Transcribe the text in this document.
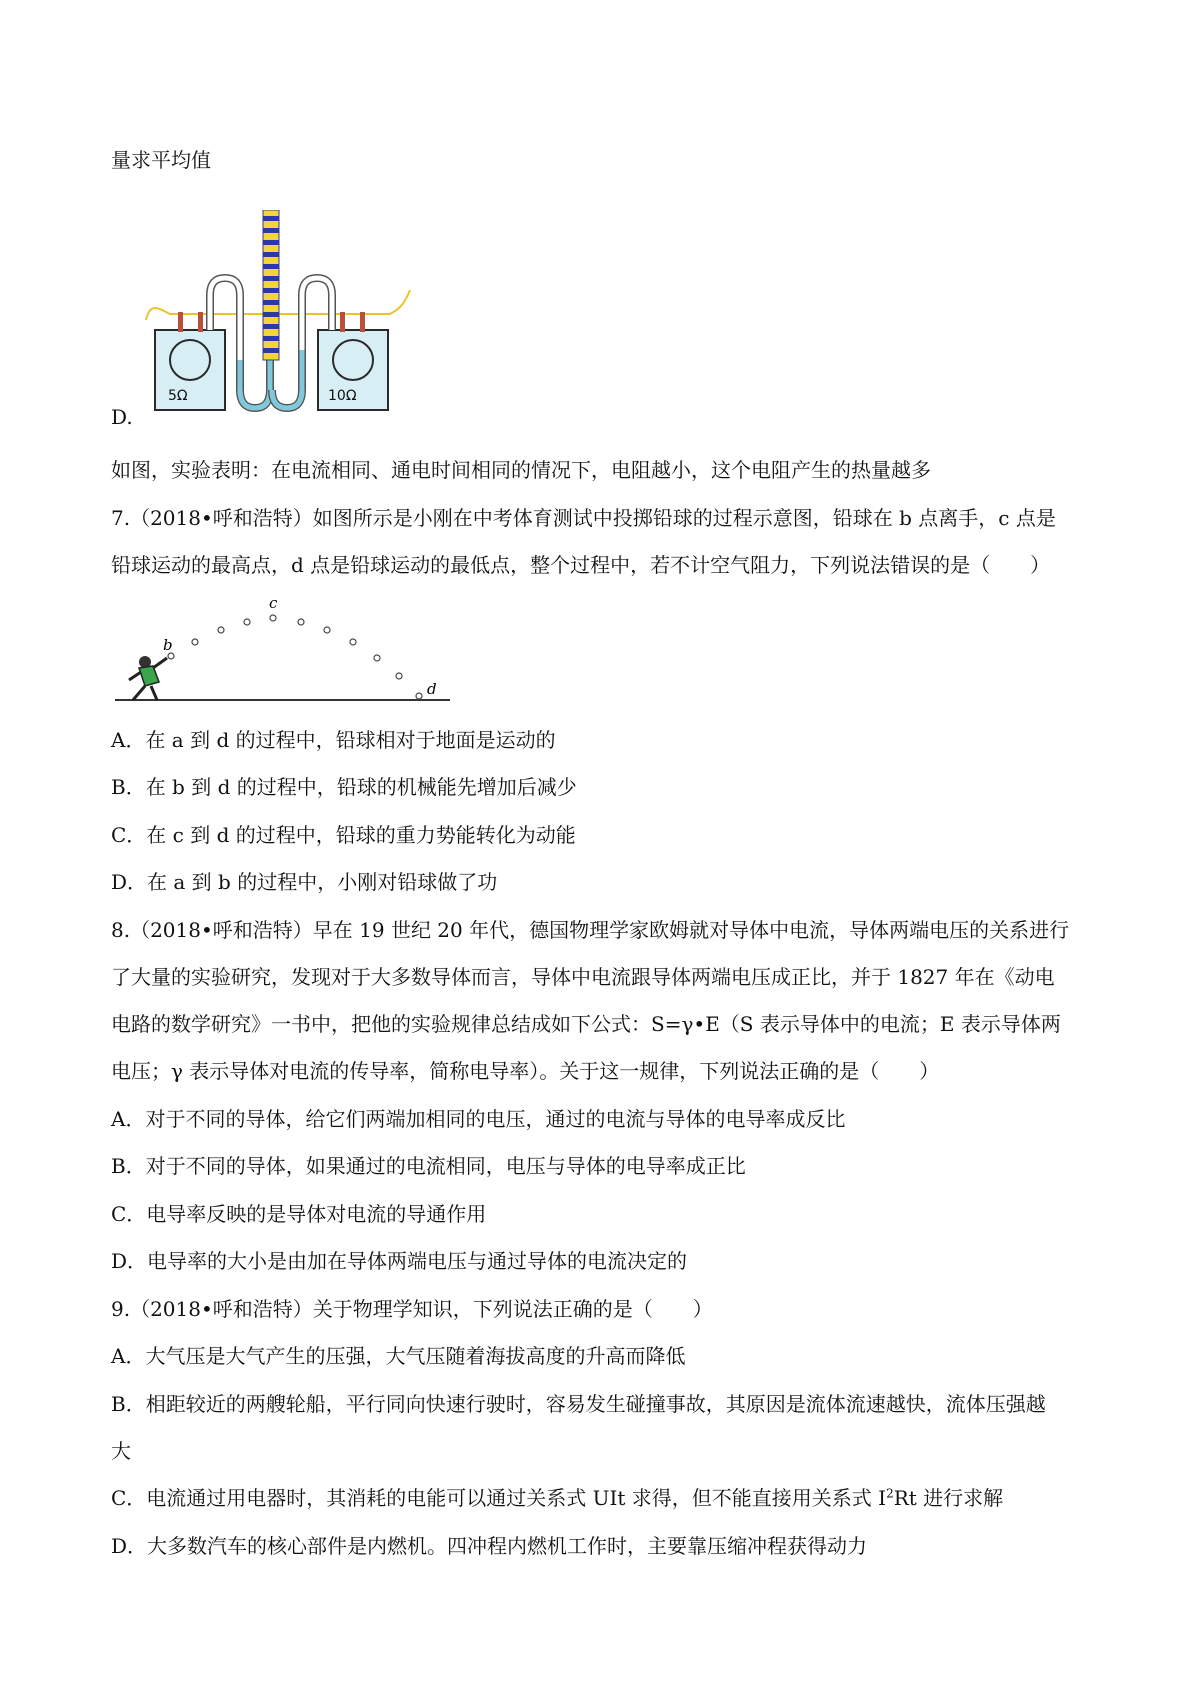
量求平均值
5Ω	10Ω
D.
如图，实验表明：在电流相同、通电时间相同的情况下，电阻越小，这个电阻产生的热量越多
7.（2018•呼和浩特）如图所示是小刚在中考体育测试中投掷铅球的过程示意图，铅球在 b 点离手，c 点是
铅球运动的最高点，d 点是铅球运动的最低点，整个过程中，若不计空气阻力，下列说法错误的是（　　）
b
c
d
A．在 a 到 d 的过程中，铅球相对于地面是运动的
B．在 b 到 d 的过程中，铅球的机械能先增加后减少
C．在 c 到 d 的过程中，铅球的重力势能转化为动能
D．在 a 到 b 的过程中，小刚对铅球做了功
8.（2018•呼和浩特）早在 19 世纪 20 年代，德国物理学家欧姆就对导体中电流，导体两端电压的关系进行
了大量的实验研究，发现对于大多数导体而言，导体中电流跟导体两端电压成正比，并于 1827 年在《动电
电路的数学研究》一书中，把他的实验规律总结成如下公式：S=γ•E（S 表示导体中的电流；E 表示导体两
电压；γ 表示导体对电流的传导率，简称电导率）。关于这一规律，下列说法正确的是（　　）
A．对于不同的导体，给它们两端加相同的电压，通过的电流与导体的电导率成反比
B．对于不同的导体，如果通过的电流相同，电压与导体的电导率成正比
C．电导率反映的是导体对电流的导通作用
D．电导率的大小是由加在导体两端电压与通过导体的电流决定的
9.（2018•呼和浩特）关于物理学知识，下列说法正确的是（　　）
A．大气压是大气产生的压强，大气压随着海拔高度的升高而降低
B．相距较近的两艘轮船，平行同向快速行驶时，容易发生碰撞事故，其原因是流体流速越快，流体压强越
大
C．电流通过用电器时，其消耗的电能可以通过关系式 UIt 求得，但不能直接用关系式 $I^2Rt$ 进行求解
D．大多数汽车的核心部件是内燃机。四冲程内燃机工作时，主要靠压缩冲程获得动力
